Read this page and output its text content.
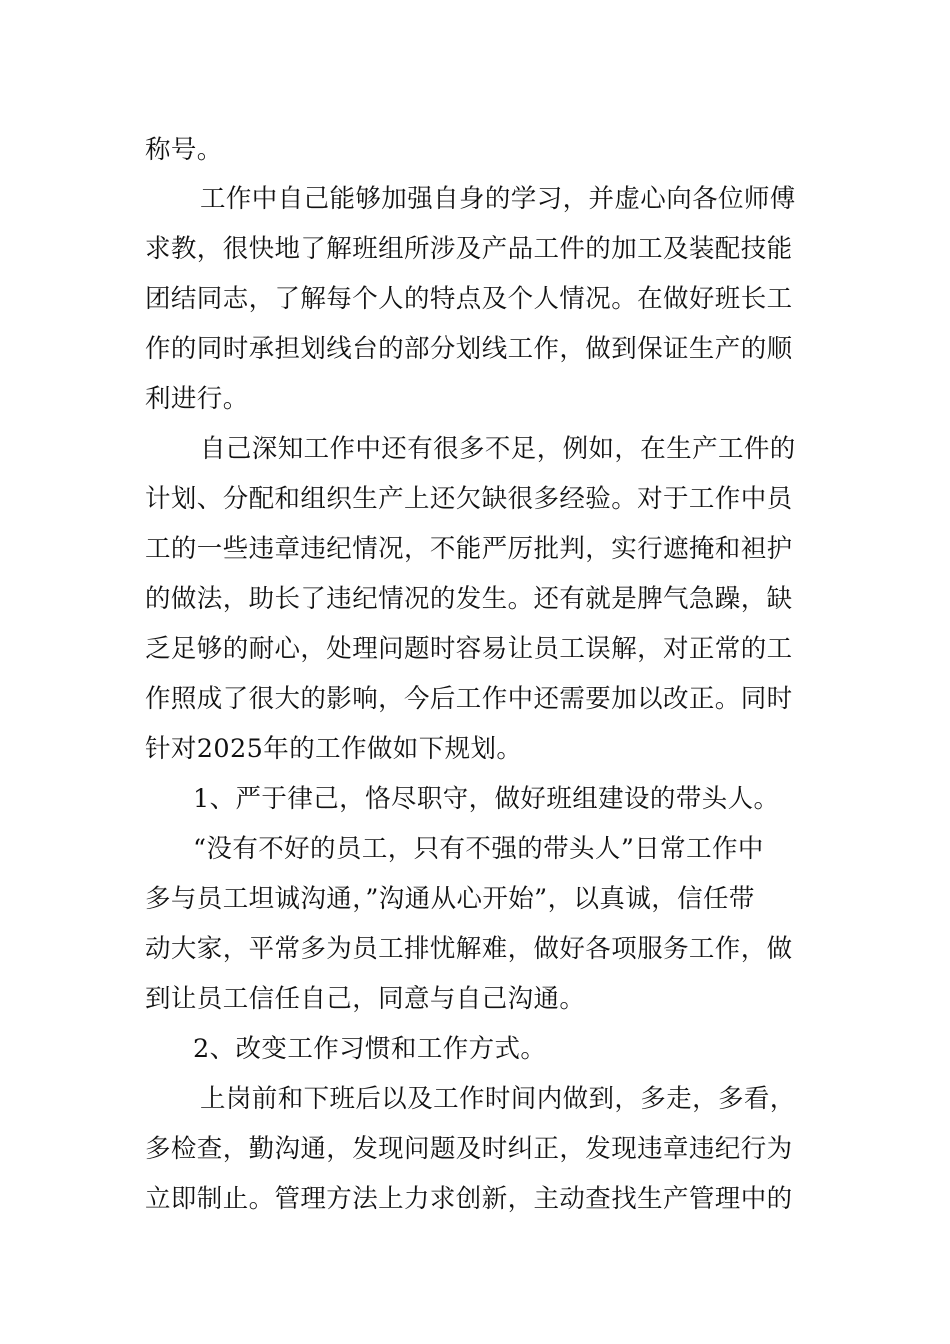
称号。
工作中自己能够加强自身的学习，并虚心向各位师傅
求教，很快地了解班组所涉及产品工件的加工及装配技能
团结同志，了解每个人的特点及个人情况。在做好班长工
作的同时承担划线台的部分划线工作，做到保证生产的顺
利进行。
自己深知工作中还有很多不足，例如，在生产工件的
计划、分配和组织生产上还欠缺很多经验。对于工作中员
工的一些违章违纪情况，不能严厉批判，实行遮掩和袒护
的做法，助长了违纪情况的发生。还有就是脾气急躁，缺
乏足够的耐心，处理问题时容易让员工误解，对正常的工
作照成了很大的影响，今后工作中还需要加以改正。同时
针对2025年的工作做如下规划。
1、严于律己，恪尽职守，做好班组建设的带头人。
“没有不好的员工，只有不强的带头人”日常工作中
多与员工坦诚沟通，”沟通从心开始”，以真诚，信任带
动大家，平常多为员工排忧解难，做好各项服务工作，做
到让员工信任自己，同意与自己沟通。
2、改变工作习惯和工作方式。
上岗前和下班后以及工作时间内做到，多走，多看，
多检查，勤沟通，发现问题及时纠正，发现违章违纪行为
立即制止。管理方法上力求创新，主动查找生产管理中的
